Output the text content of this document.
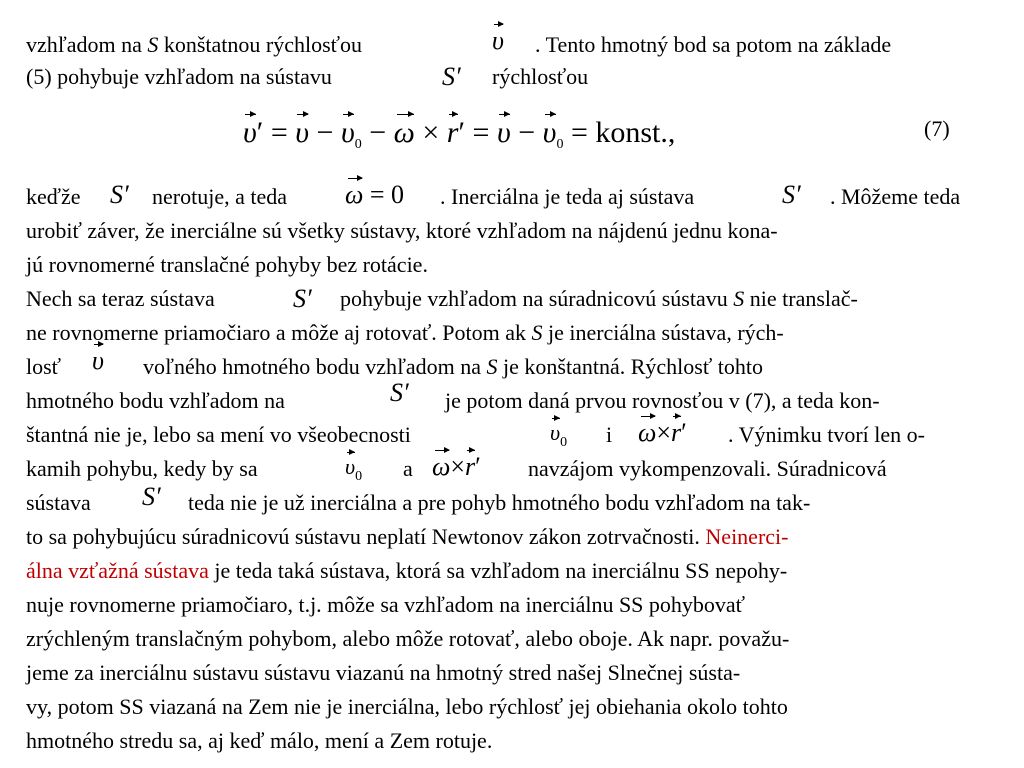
vzhľadom na S konštatnou rýchlosťou	υ . Tento hmotný bod sa potom na základe
(5) pohybuje vzhľadom na sústavu	S′ rýchlosťou
$\upsilon' = \upsilon - \upsilon_0 - \omega \times r' = \upsilon - \upsilon_0$ = konst.,	(7)
keďže S′ nerotuje, a teda ω = 0 . Inerciálna je teda aj sústava	S′ . Môžeme teda
urobiť záver, že inerciálne sú všetky sústavy, ktoré vzhľadom na nájdenú jednu kona-
jú rovnomerné translačné pohyby bez rotácie.
Nech sa teraz sústava	S′ pohybuje vzhľadom na súradnicovú sústavu S nie translač-
ne rovnomerne priamočiaro a môže aj rotovať. Potom ak S je inerciálna sústava, rých-
losť υ voľného hmotného bodu vzhľadom na S je konštantná. Rýchlosť tohto
hmotného bodu vzhľadom na	S′ je potom daná prvou rovnosťou v (7), a teda kon-
štantná nie je, lebo sa mení vo všeobecnosti	$\upsilon_0$ i ω×r′ . Výnimku tvorí len o-
kamih pohybu, kedy by sa	$\upsilon_0$ a ω×r′ navzájom vykompenzovali. Súradnicová
sústava S′ teda nie je už inerciálna a pre pohyb hmotného bodu vzhľadom na tak-
to sa pohybujúcu súradnicovú sústavu neplatí Newtonov zákon zotrvačnosti. Neinerci-
álna vzťažná sústava je teda taká sústava, ktorá sa vzhľadom na inerciálnu SS nepohy-
nuje rovnomerne priamočiaro, t.j. môže sa vzhľadom na inerciálnu SS pohybovať
zrýchleným translačným pohybom, alebo môže rotovať, alebo oboje. Ak napr. považu-
jeme za inerciálnu sústavu sústavu viazanú na hmotný stred našej Slnečnej sústa-
vy, potom SS viazaná na Zem nie je inerciálna, lebo rýchlosť jej obiehania okolo tohto
hmotného stredu sa, aj keď málo, mení a Zem rotuje.
